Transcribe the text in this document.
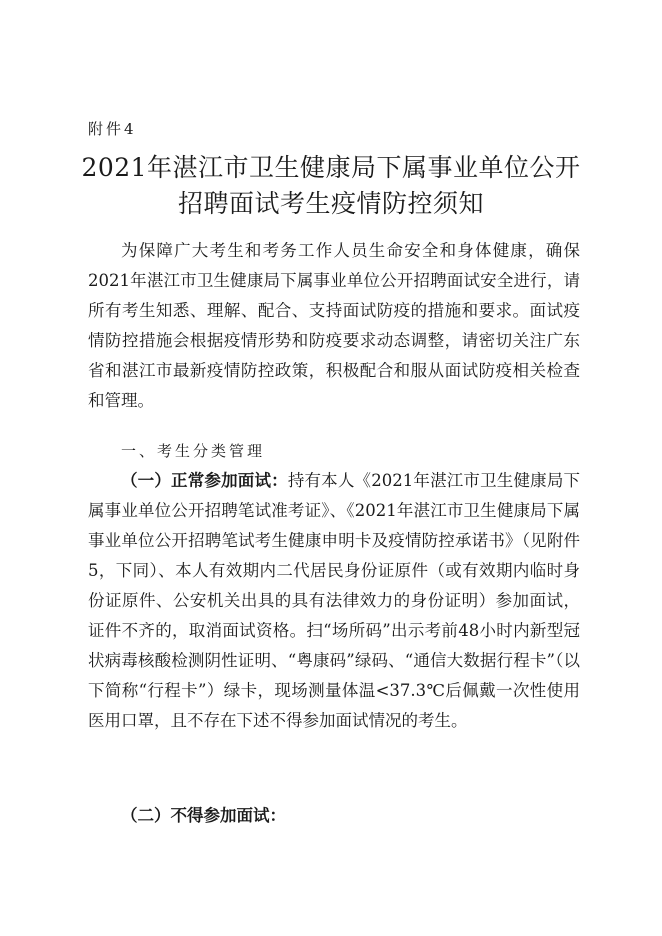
附件4
2021年湛江市卫生健康局下属事业单位公开
招聘面试考生疫情防控须知

为保障广大考生和考务工作人员生命安全和身体健康，确保2021年湛江市卫生健康局下属事业单位公开招聘面试安全进行，请所有考生知悉、理解、配合、支持面试防疫的措施和要求。面试疫情防控措施会根据疫情形势和防疫要求动态调整，请密切关注广东省和湛江市最新疫情防控政策，积极配合和服从面试防疫相关检查和管理。

一、考生分类管理

（一）正常参加面试：持有本人《2021年湛江市卫生健康局下属事业单位公开招聘笔试准考证》、《2021年湛江市卫生健康局下属事业单位公开招聘笔试考生健康申明卡及疫情防控承诺书》（见附件5，下同）、本人有效期内二代居民身份证原件（或有效期内临时身份证原件、公安机关出具的具有法律效力的身份证明）参加面试，证件不齐的，取消面试资格。扫“场所码”出示考前48小时内新型冠状病毒核酸检测阴性证明、“粤康码”绿码、“通信大数据行程卡”（以下简称“行程卡”）绿卡，现场测量体温<37.3℃后佩戴一次性使用医用口罩，且不存在下述不得参加面试情况的考生。

（二）不得参加面试：
